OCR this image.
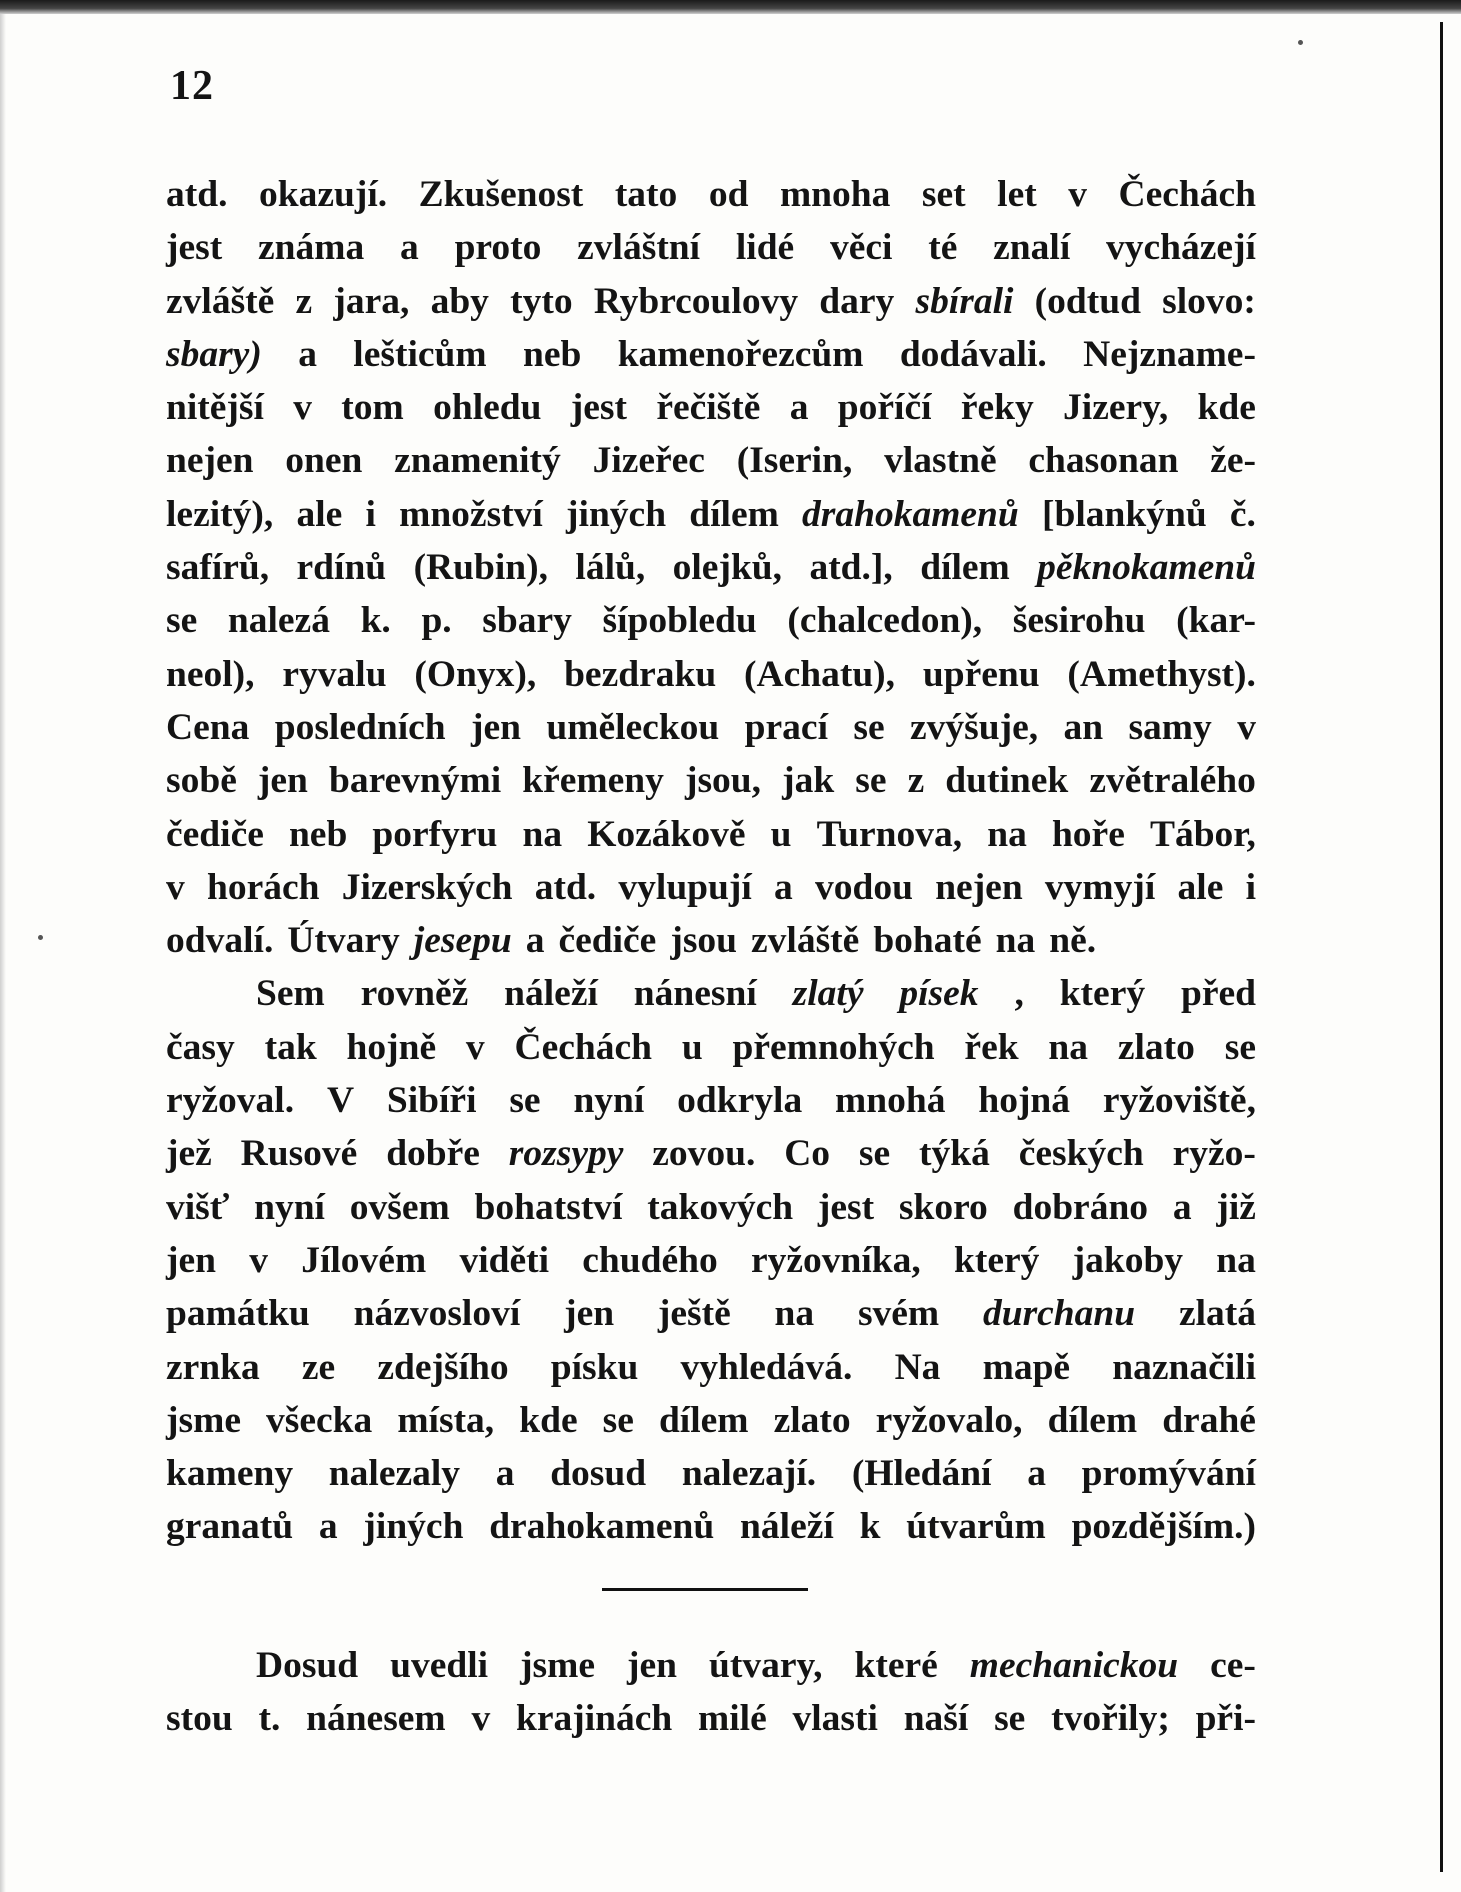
12
atd. okazují. Zkušenost tato od mnoha set let v Čechách
jest známa a proto zvláštní lidé věci té znalí vycházejí
zvláště z jara, aby tyto Rybrcoulovy dary sbírali (odtud slovo:
sbary) a lešticům neb kamenořezcům dodávali. Nejzname-
nitější v tom ohledu jest řečiště a poříčí řeky Jizery, kde
nejen onen znamenitý Jizeřec (Iserin, vlastně chasonan že-
lezitý), ale i množství jiných dílem drahokamenů [blankýnů č.
safírů, rdínů (Rubin), lálů, olejků, atd.], dílem pěknokamenů
se nalezá k. p. sbary šípobledu (chalcedon), šesirohu (kar-
neol), ryvalu (Onyx), bezdraku (Achatu), upřenu (Amethyst).
Cena posledních jen uměleckou prací se zvýšuje, an samy v
sobě jen barevnými křemeny jsou, jak se z dutinek zvětralého
čediče neb porfyru na Kozákově u Turnova, na hoře Tábor,
v horách Jizerských atd. vylupují a vodou nejen vymyjí ale i
odvalí. Útvary jesepu a čediče jsou zvláště bohaté na ně.
Sem rovněž náleží nánesní zlatý písek , který před
časy tak hojně v Čechách u přemnohých řek na zlato se
ryžoval. V Sibíři se nyní odkryla mnohá hojná ryžoviště,
jež Rusové dobře rozsypy zovou. Co se týká českých ryžo-
višť nyní ovšem bohatství takových jest skoro dobráno a již
jen v Jílovém viděti chudého ryžovníka, který jakoby na
památku názvosloví jen ještě na svém durchanu zlatá
zrnka ze zdejšího písku vyhledává. Na mapě naznačili
jsme všecka místa, kde se dílem zlato ryžovalo, dílem drahé
kameny nalezaly a dosud nalezají. (Hledání a promývání
granatů a jiných drahokamenů náleží k útvarům pozdějším.)
Dosud uvedli jsme jen útvary, které mechanickou ce-
stou t. nánesem v krajinách milé vlasti naší se tvořily; při-
